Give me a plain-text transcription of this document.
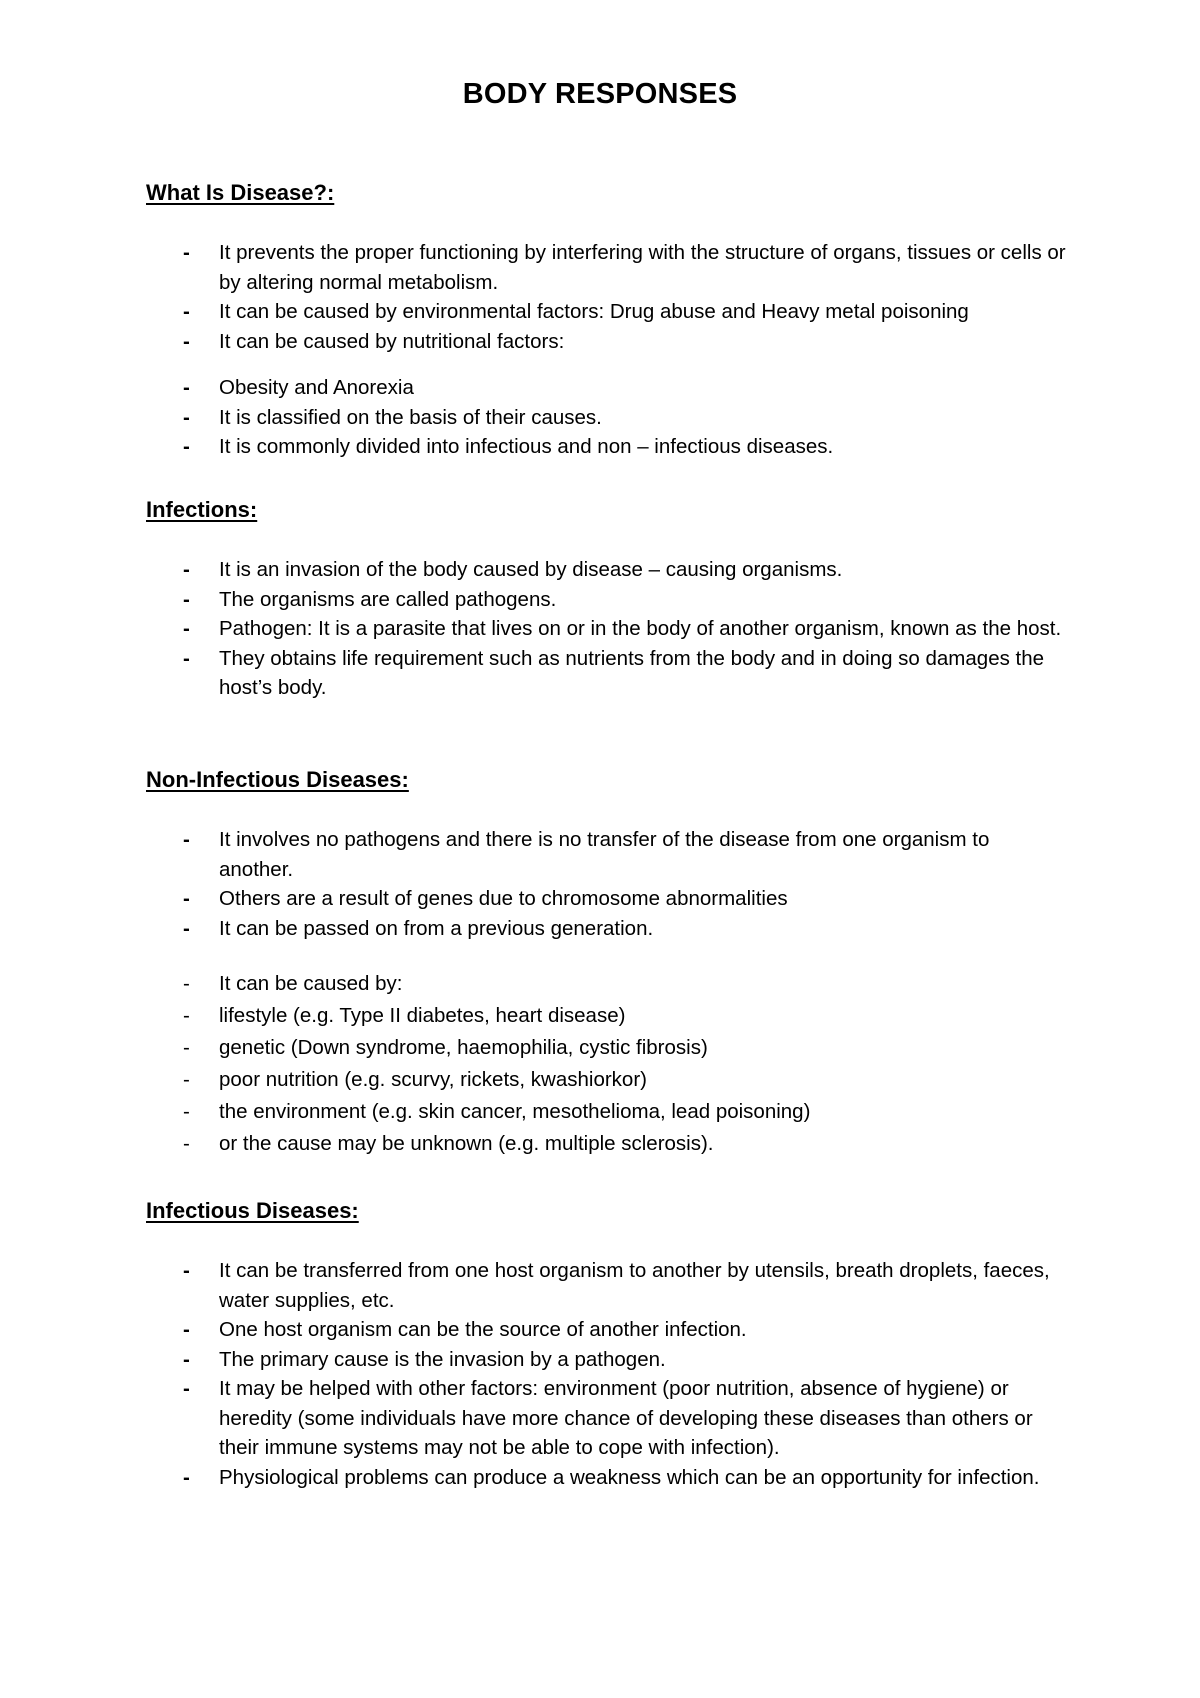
BODY RESPONSES
What Is Disease?:
- It prevents the proper functioning by interfering with the structure of organs, tissues or cells or by altering normal metabolism.
- It can be caused by environmental factors: Drug abuse and Heavy metal poisoning
- It can be caused by nutritional factors:
- Obesity and Anorexia
- It is classified on the basis of their causes.
- It is commonly divided into infectious and non – infectious diseases.
Infections:
- It is an invasion of the body caused by disease – causing organisms.
- The organisms are called pathogens.
- Pathogen: It is a parasite that lives on or in the body of another organism, known as the host.
- They obtains life requirement such as nutrients from the body and in doing so damages the host’s body.
Non-Infectious Diseases:
- It involves no pathogens and there is no transfer of the disease from one organism to another.
- Others are a result of genes due to chromosome abnormalities
- It can be passed on from a previous generation.
- It can be caused by:
- lifestyle (e.g. Type II diabetes, heart disease)
- genetic (Down syndrome, haemophilia, cystic fibrosis)
- poor nutrition (e.g. scurvy, rickets, kwashiorkor)
- the environment (e.g. skin cancer, mesothelioma, lead poisoning)
- or the cause may be unknown (e.g. multiple sclerosis).
Infectious Diseases:
- It can be transferred from one host organism to another by utensils, breath droplets, faeces, water supplies, etc.
- One host organism can be the source of another infection.
- The primary cause is the invasion by a pathogen.
- It may be helped with other factors: environment (poor nutrition, absence of hygiene) or heredity (some individuals have more chance of developing these diseases than others or their immune systems may not be able to cope with infection).
- Physiological problems can produce a weakness which can be an opportunity for infection.
